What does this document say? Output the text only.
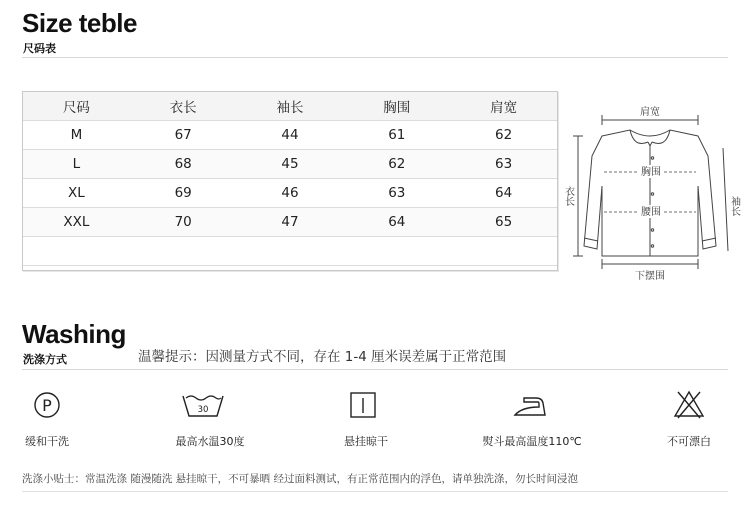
Size teble
尺码表
尺码	衣长	袖长	胸围	肩宽
M	67	44	61	62
L	68	45	62	63
XL	69	46	63	64
XXL	70	47	64	65

肩宽
胸围
腰围
下摆围
衣长	袖长
Washing
洗涤方式	温馨提示：因测量方式不同，存在 1-4 厘米误差属于正常范围
P
缓和干洗
30
最高水温30度	悬挂晾干	熨斗最高温度110℃	不可漂白
洗涤小贴士：常温洗涤 随漫随洗 悬挂晾干，不可暴晒 经过面料测试，有正常范围内的浮色，请单独洗涤，勿长时间浸泡
